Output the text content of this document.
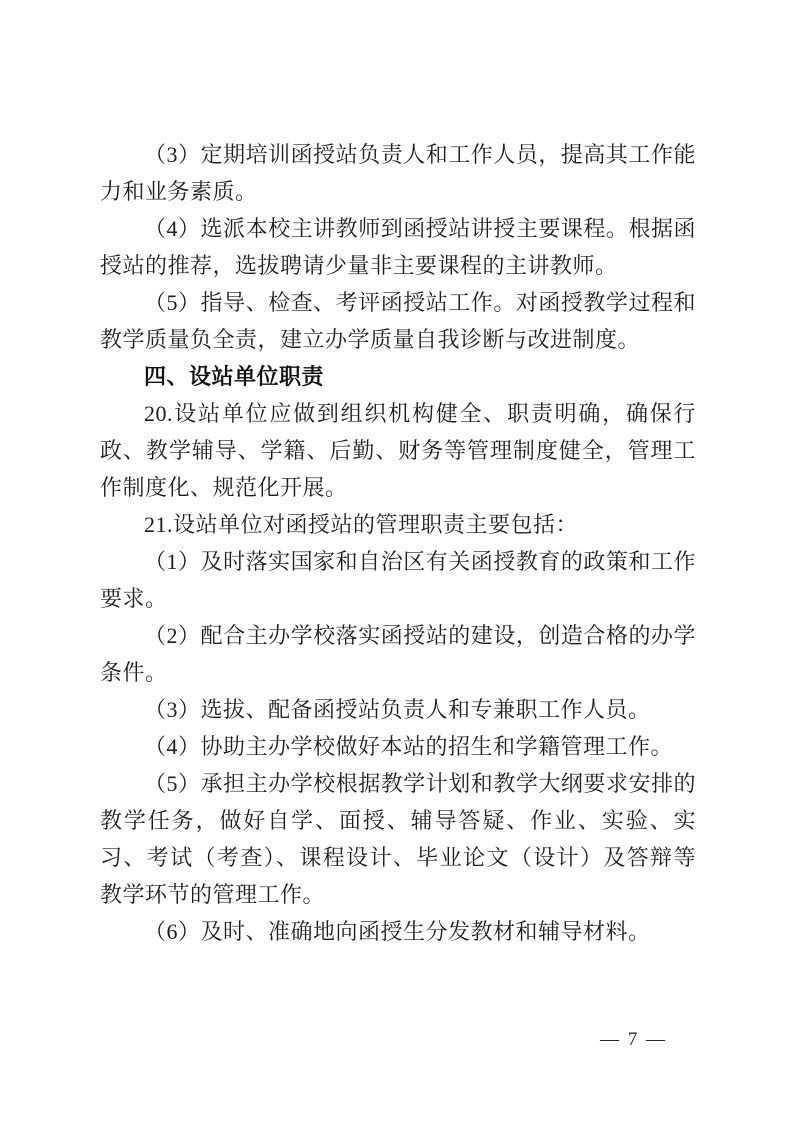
（3）定期培训函授站负责人和工作人员，提高其工作能力和业务素质。

（4）选派本校主讲教师到函授站讲授主要课程。根据函授站的推荐，选拔聘请少量非主要课程的主讲教师。

（5）指导、检查、考评函授站工作。对函授教学过程和教学质量负全责，建立办学质量自我诊断与改进制度。

四、设站单位职责

20.设站单位应做到组织机构健全、职责明确，确保行政、教学辅导、学籍、后勤、财务等管理制度健全，管理工作制度化、规范化开展。

21.设站单位对函授站的管理职责主要包括：

（1）及时落实国家和自治区有关函授教育的政策和工作要求。

（2）配合主办学校落实函授站的建设，创造合格的办学条件。

（3）选拔、配备函授站负责人和专兼职工作人员。

（4）协助主办学校做好本站的招生和学籍管理工作。

（5）承担主办学校根据教学计划和教学大纲要求安排的教学任务，做好自学、面授、辅导答疑、作业、实验、实习、考试（考查）、课程设计、毕业论文（设计）及答辩等教学环节的管理工作。

（6）及时、准确地向函授生分发教材和辅导材料。

— 7 —
